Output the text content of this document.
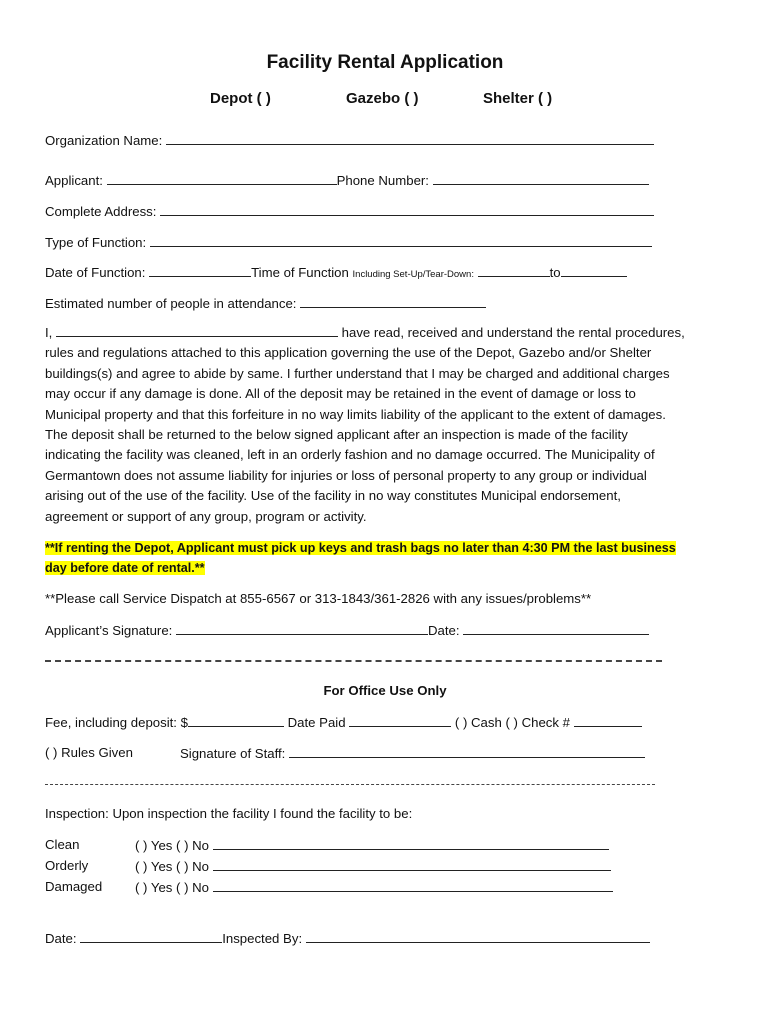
Facility Rental Application
Depot ( )	Gazebo ( )	Shelter ( )
Organization Name:
Applicant:	Phone Number:
Complete Address:
Type of Function:
Date of Function:	Time of Function Including Set-Up/Tear-Down:	to
Estimated number of people in attendance:
I,	have read, received and understand the rental procedures,
rules and regulations attached to this application governing the use of the Depot, Gazebo and/or Shelter
buildings(s) and agree to abide by same. I further understand that I may be charged and additional charges
may occur if any damage is done. All of the deposit may be retained in the event of damage or loss to
Municipal property and that this forfeiture in no way limits liability of the applicant to the extent of damages.
The deposit shall be returned to the below signed applicant after an inspection is made of the facility
indicating the facility was cleaned, left in an orderly fashion and no damage occurred. The Municipality of
Germantown does not assume liability for injuries or loss of personal property to any group or individual
arising out of the use of the facility. Use of the facility in no way constitutes Municipal endorsement,
agreement or support of any group, program or activity.
**If renting the Depot, Applicant must pick up keys and trash bags no later than 4:30 PM the last business
day before date of rental.**
**Please call Service Dispatch at 855-6567 or 313-1843/361-2826 with any issues/problems**
Applicant’s Signature:	Date:
For Office Use Only
Fee, including deposit: $	Date Paid	( ) Cash ( ) Check #
( ) Rules Given	Signature of Staff:
Inspection: Upon inspection the facility I found the facility to be:
Clean	( ) Yes ( ) No
Orderly	( ) Yes ( ) No
Damaged ( ) Yes ( ) No
Date:	Inspected By:
